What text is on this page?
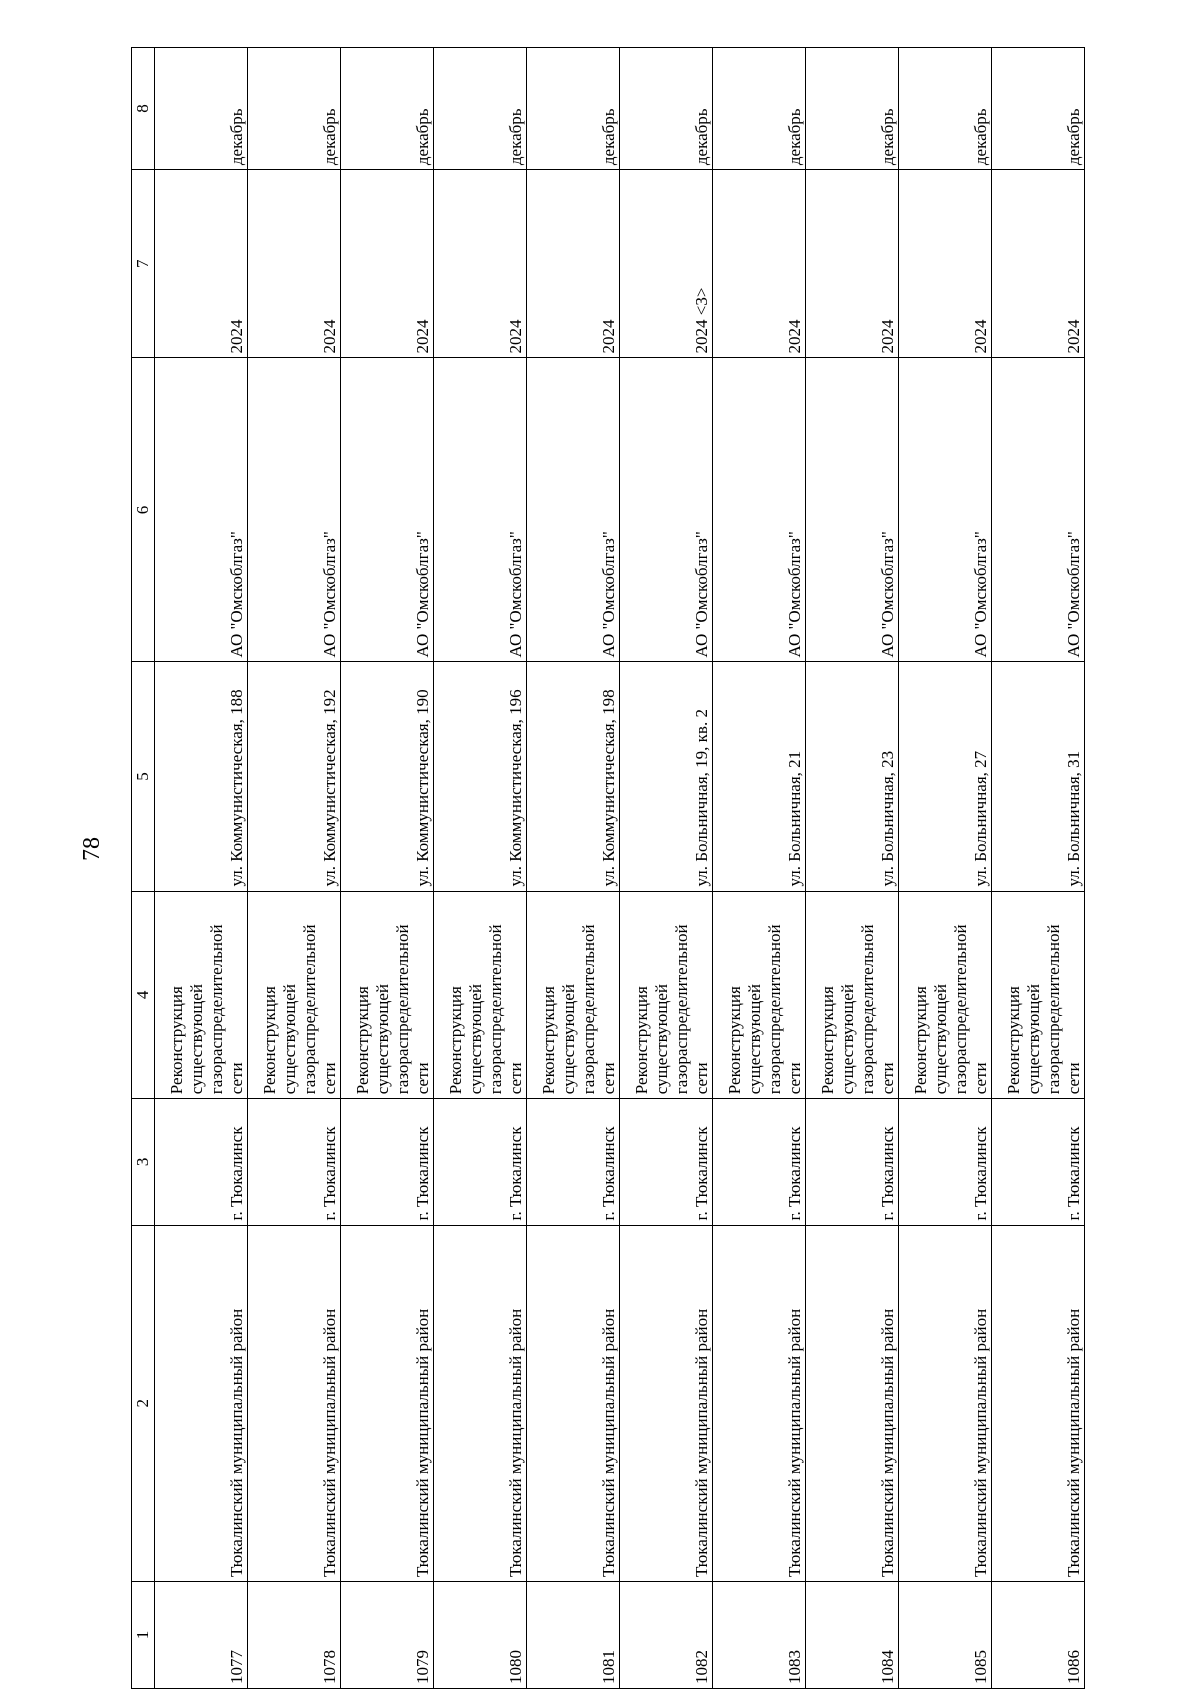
78
1	2	3	4	5	6	7	8
1077	Тюкалинский муниципальный район	г. Тюкалинск	Реконструкция существующей газораспределительной сети	ул. Коммунистическая, 188	АО "Омскоблгаз"	2024	декабрь
1078	Тюкалинский муниципальный район	г. Тюкалинск	Реконструкция существующей газораспределительной сети	ул. Коммунистическая, 192	АО "Омскоблгаз"	2024	декабрь
1079	Тюкалинский муниципальный район	г. Тюкалинск	Реконструкция существующей газораспределительной сети	ул. Коммунистическая, 190	АО "Омскоблгаз"	2024	декабрь
1080	Тюкалинский муниципальный район	г. Тюкалинск	Реконструкция существующей газораспределительной сети	ул. Коммунистическая, 196	АО "Омскоблгаз"	2024	декабрь
1081	Тюкалинский муниципальный район	г. Тюкалинск	Реконструкция существующей газораспределительной сети	ул. Коммунистическая, 198	АО "Омскоблгаз"	2024	декабрь
1082	Тюкалинский муниципальный район	г. Тюкалинск	Реконструкция существующей газораспределительной сети	ул. Больничная, 19, кв. 2	АО "Омскоблгаз"	2024 <3>	декабрь
1083	Тюкалинский муниципальный район	г. Тюкалинск	Реконструкция существующей газораспределительной сети	ул. Больничная, 21	АО "Омскоблгаз"	2024	декабрь
1084	Тюкалинский муниципальный район	г. Тюкалинск	Реконструкция существующей газораспределительной сети	ул. Больничная, 23	АО "Омскоблгаз"	2024	декабрь
1085	Тюкалинский муниципальный район	г. Тюкалинск	Реконструкция существующей газораспределительной сети	ул. Больничная, 27	АО "Омскоблгаз"	2024	декабрь
1086	Тюкалинский муниципальный район	г. Тюкалинск	Реконструкция существующей газораспределительной сети	ул. Больничная, 31	АО "Омскоблгаз"	2024	декабрь
